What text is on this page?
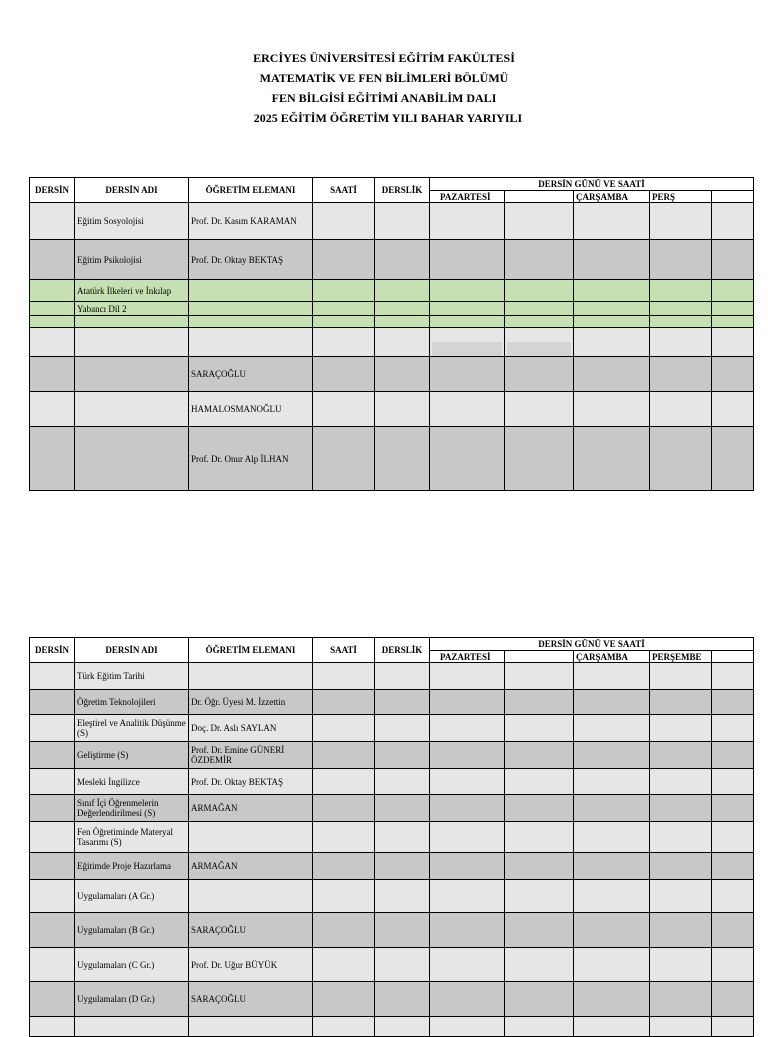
ERCİYES ÜNİVERSİTESİ EĞİTİM FAKÜLTESİ
MATEMATİK VE FEN BİLİMLERİ BÖLÜMÜ
FEN BİLGİSİ EĞİTİMİ ANABİLİM DALI
2025 EĞİTİM ÖĞRETİM YILI BAHAR YARIYILI
DERSİN	DERSİN ADI	ÖĞRETİM ELEMANI	SAATİ	DERSLİK	DERSİN GÜNÜ VE SAATİ				
					PAZARTESİ		ÇARŞAMBA	PERŞ	
	Eğitim Sosyolojisi	Prof. Dr. Kasım KARAMAN							
	Eğitim Psikolojisi	Prof. Dr. Oktay BEKTAŞ							
	Atatürk İlkeleri ve İnkılap								
	Yabancı Dil 2								

		SARAÇOĞLU							
		HAMALOSMANOĞLU							
		Prof. Dr. Onur Alp İLHAN							
DERSİN	DERSİN ADI	ÖĞRETİM ELEMANI	SAATİ	DERSLİK	DERSİN GÜNÜ VE SAATİ				
					PAZARTESİ		ÇARŞAMBA	PERŞEMBE	
	Türk Eğitim Tarihi								
	Öğretim Teknolojileri	Dr. Öğr. Üyesi M. İzzettin							
	Eleştirel ve Analitik Düşünme (S)	Doç. Dr. Aslı SAYLAN							
	Geliştirme (S)	Prof. Dr. Emine GÜNERİ ÖZDEMİR							
	Mesleki İngilizce	Prof. Dr. Oktay BEKTAŞ							
	Sınıf İçi Öğrenmelerin Değerlendirilmesi (S)	ARMAĞAN							
	Fen Öğretiminde Materyal Tasarımı (S)								
	Eğitimde Proje Hazırlama	ARMAĞAN							
	Uygulamaları (A Gr.)								
	Uygulamaları (B Gr.)	SARAÇOĞLU							
	Uygulamaları (C Gr.)	Prof. Dr. Uğur BÜYÜK							
	Uygulamaları (D Gr.)	SARAÇOĞLU							
